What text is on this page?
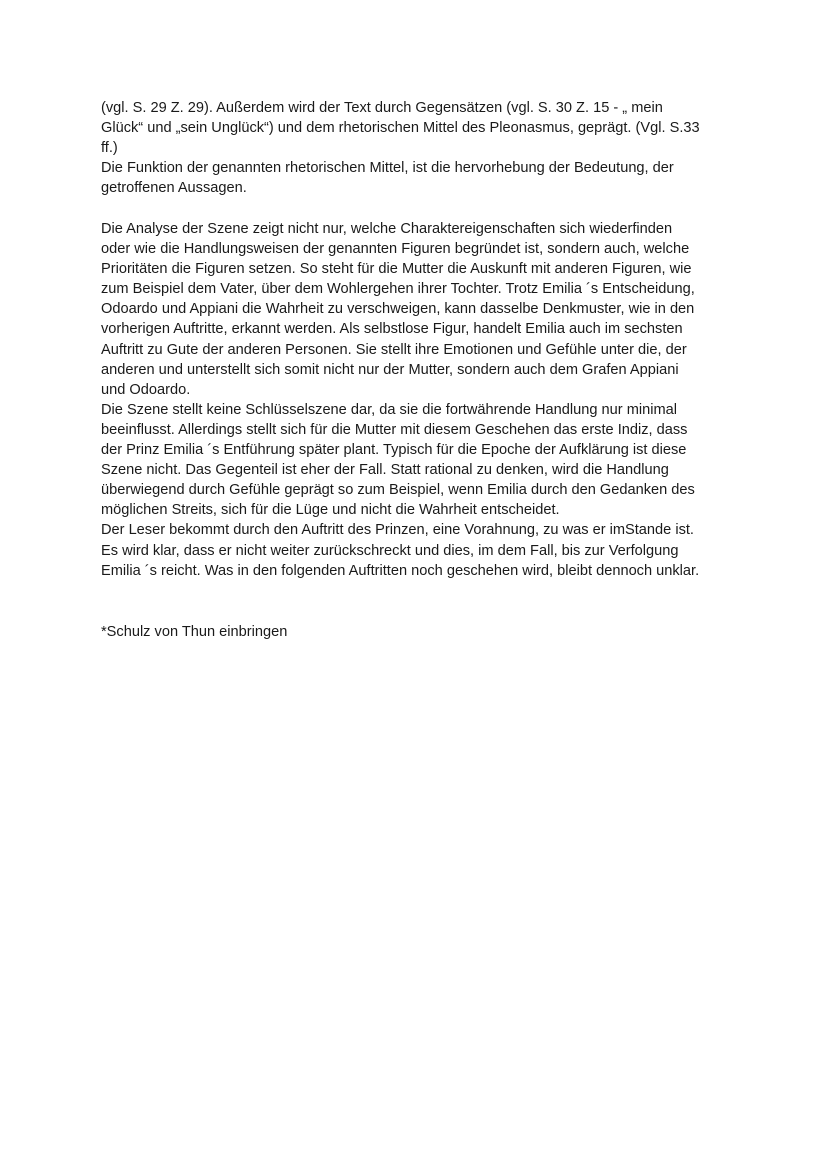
(vgl. S. 29 Z. 29). Außerdem wird der Text durch Gegensätzen (vgl. S. 30 Z. 15 - „ mein

Glück“ und „sein Unglück“) und dem rhetorischen Mittel des Pleonasmus, geprägt. (Vgl. S.33

ff.)

Die Funktion der genannten rhetorischen Mittel, ist die hervorhebung der Bedeutung, der

getroffenen Aussagen.

Die Analyse der Szene zeigt nicht nur, welche Charaktereigenschaften sich wiederfinden

oder wie die Handlungsweisen der genannten Figuren begründet ist, sondern auch, welche

Prioritäten die Figuren setzen. So steht für die Mutter die Auskunft mit anderen Figuren, wie

zum Beispiel dem Vater, über dem Wohlergehen ihrer Tochter. Trotz Emilia ´s Entscheidung,

Odoardo und Appiani die Wahrheit zu verschweigen, kann dasselbe Denkmuster, wie in den

vorherigen Auftritte, erkannt werden. Als selbstlose Figur, handelt Emilia auch im sechsten

Auftritt zu Gute der anderen Personen. Sie stellt ihre Emotionen und Gefühle unter die, der

anderen und unterstellt sich somit nicht nur der Mutter, sondern auch dem Grafen Appiani

und Odoardo.

Die Szene stellt keine Schlüsselszene dar, da sie die fortwährende Handlung nur minimal

beeinflusst. Allerdings stellt sich für die Mutter mit diesem Geschehen das erste Indiz, dass

der Prinz Emilia ´s Entführung später plant. Typisch für die Epoche der Aufklärung ist diese

Szene nicht. Das Gegenteil ist eher der Fall. Statt rational zu denken, wird die Handlung

überwiegend durch Gefühle geprägt so zum Beispiel, wenn Emilia durch den Gedanken des

möglichen Streits, sich für die Lüge und nicht die Wahrheit entscheidet.

Der Leser bekommt durch den Auftritt des Prinzen, eine Vorahnung, zu was er imStande ist.

Es wird klar, dass er nicht weiter zurückschreckt und dies, im dem Fall, bis zur Verfolgung

Emilia ´s reicht. Was in den folgenden Auftritten noch geschehen wird, bleibt dennoch unklar.

*Schulz von Thun einbringen
